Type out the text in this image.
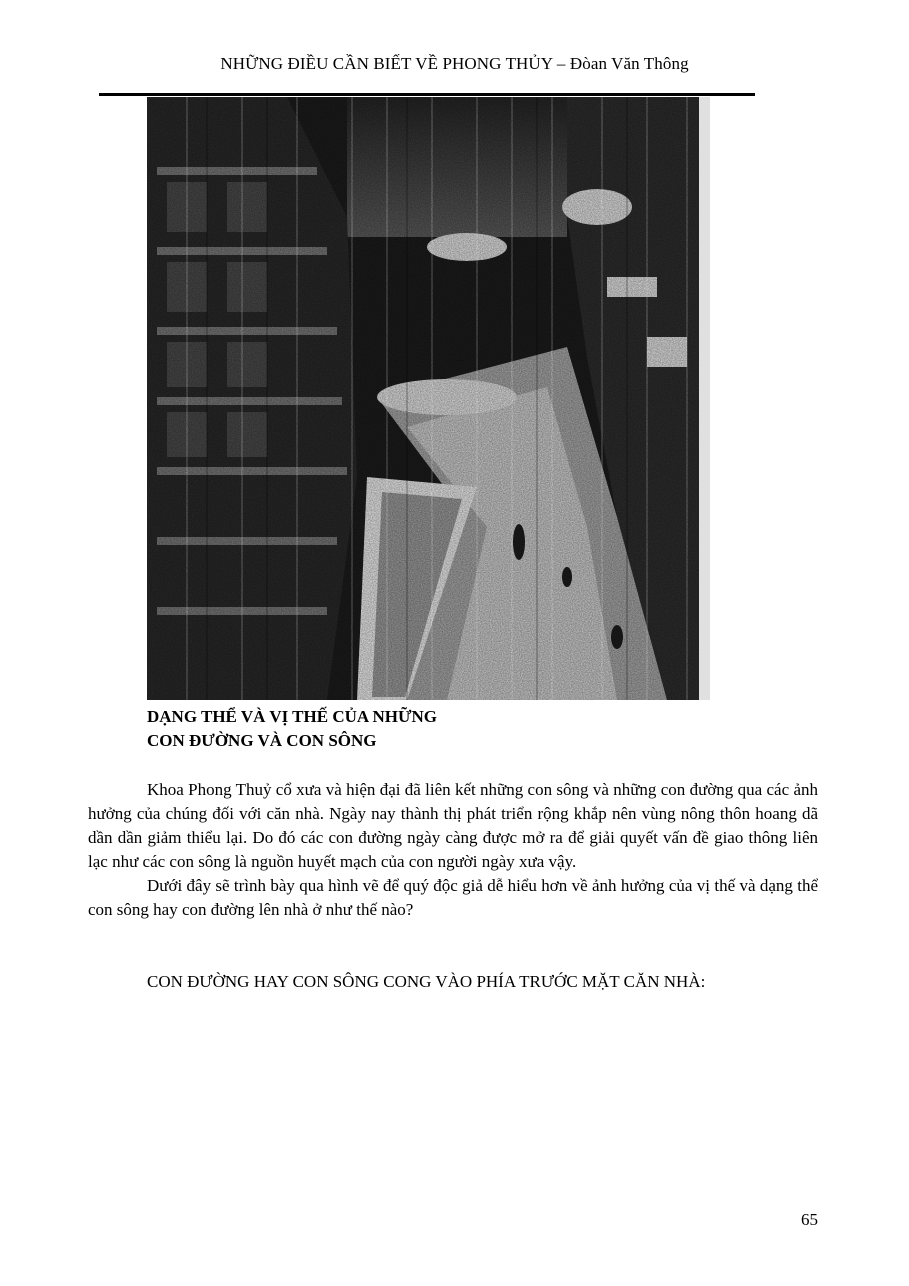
NHỮNG ĐIỀU CẦN BIẾT VỀ PHONG THỦY – Đòan Văn Thông
DẠNG THỂ VÀ VỊ THẾ CỦA NHỮNG
CON ĐƯỜNG VÀ CON SÔNG

Khoa Phong Thuỷ cổ xưa và hiện đại đã liên kết những con sông và những con đường qua các ảnh hưởng của chúng đối với căn nhà. Ngày nay thành thị phát triển rộng khắp nên vùng nông thôn hoang dã dần dần giảm thiểu lại. Do đó các con đường ngày càng được mở ra để giải quyết vấn đề giao thông liên lạc như các con sông là nguồn huyết mạch của con người ngày xưa vậy.

Dưới đây sẽ trình bày qua hình vẽ để quý độc giả dễ hiểu hơn về ảnh hưởng của vị thế và dạng thể con sông hay con đường lên nhà ở như thế nào?

CON ĐƯỜNG HAY CON SÔNG CONG VÀO PHÍA TRƯỚC MẶT CĂN NHÀ:
65
